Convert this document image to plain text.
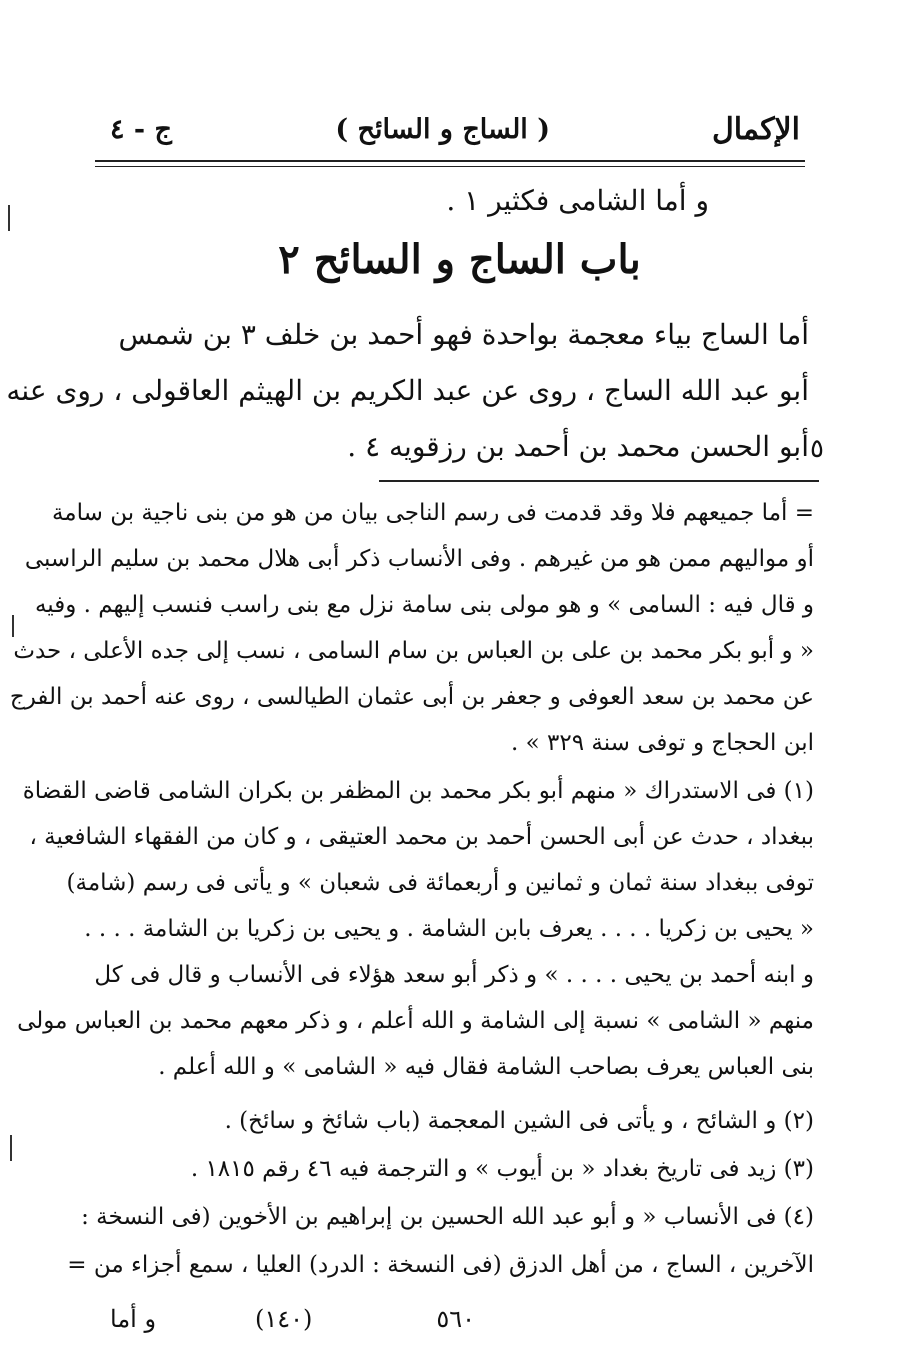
الإكمال
( الساج و السائح )
ج - ٤
و أما الشامى فكثير ١ .
باب الساج و السائح ٢
أما الساج بياء معجمة بواحدة فهو أحمد بن خلف ٣ بن شمس
أبو عبد الله الساج ، روى عن عبد الكريم بن الهيثم العاقولى ، روى عنه
أبو الحسن محمد بن أحمد بن رزقويه ٤ . ٥
= أما جميعهم فلا وقد قدمت فى رسم الناجى بيان من هو من بنى ناجية بن سامة
أو مواليهم ممن هو من غيرهم . وفى الأنساب ذكر أبى هلال محمد بن سليم الراسبى
و قال فيه : السامى » و هو مولى بنى سامة نزل مع بنى راسب فنسب إليهم . وفيه
« و أبو بكر محمد بن على بن العباس بن سام السامى ، نسب إلى جده الأعلى ، حدث
عن محمد بن سعد العوفى و جعفر بن أبى عثمان الطيالسى ، روى عنه أحمد بن الفرج
ابن الحجاج و توفى سنة ٣٢٩ » .
(١) فى الاستدراك « منهم أبو بكر محمد بن المظفر بن بكران الشامى قاضى القضاة
ببغداد ، حدث عن أبى الحسن أحمد بن محمد العتيقى ، و كان من الفقهاء الشافعية ،
توفى ببغداد سنة ثمان و ثمانين و أربعمائة فى شعبان » و يأتى فى رسم (شامة)
« يحيى بن زكريا . . . . يعرف بابن الشامة . و يحيى بن زكريا بن الشامة . . . .
و ابنه أحمد بن يحيى . . . . » و ذكر أبو سعد هؤلاء فى الأنساب و قال فى كل
منهم « الشامى » نسبة إلى الشامة و الله أعلم ، و ذكر معهم محمد بن العباس مولى
بنى العباس يعرف بصاحب الشامة فقال فيه « الشامى » و الله أعلم .
(٢) و الشائح ، و يأتى فى الشين المعجمة (باب شائخ و سائخ) .
(٣) زيد فى تاريخ بغداد « بن أيوب » و الترجمة فيه ٤٦ رقم ١٨١٥ .
(٤) فى الأنساب « و أبو عبد الله الحسين بن إبراهيم بن الأخوين (فى النسخة :
الآخرين ، الساج ، من أهل الدزق (فى النسخة : الدرد) العليا ، سمع أجزاء من =
و أما	(١٤٠)	٥٦٠
